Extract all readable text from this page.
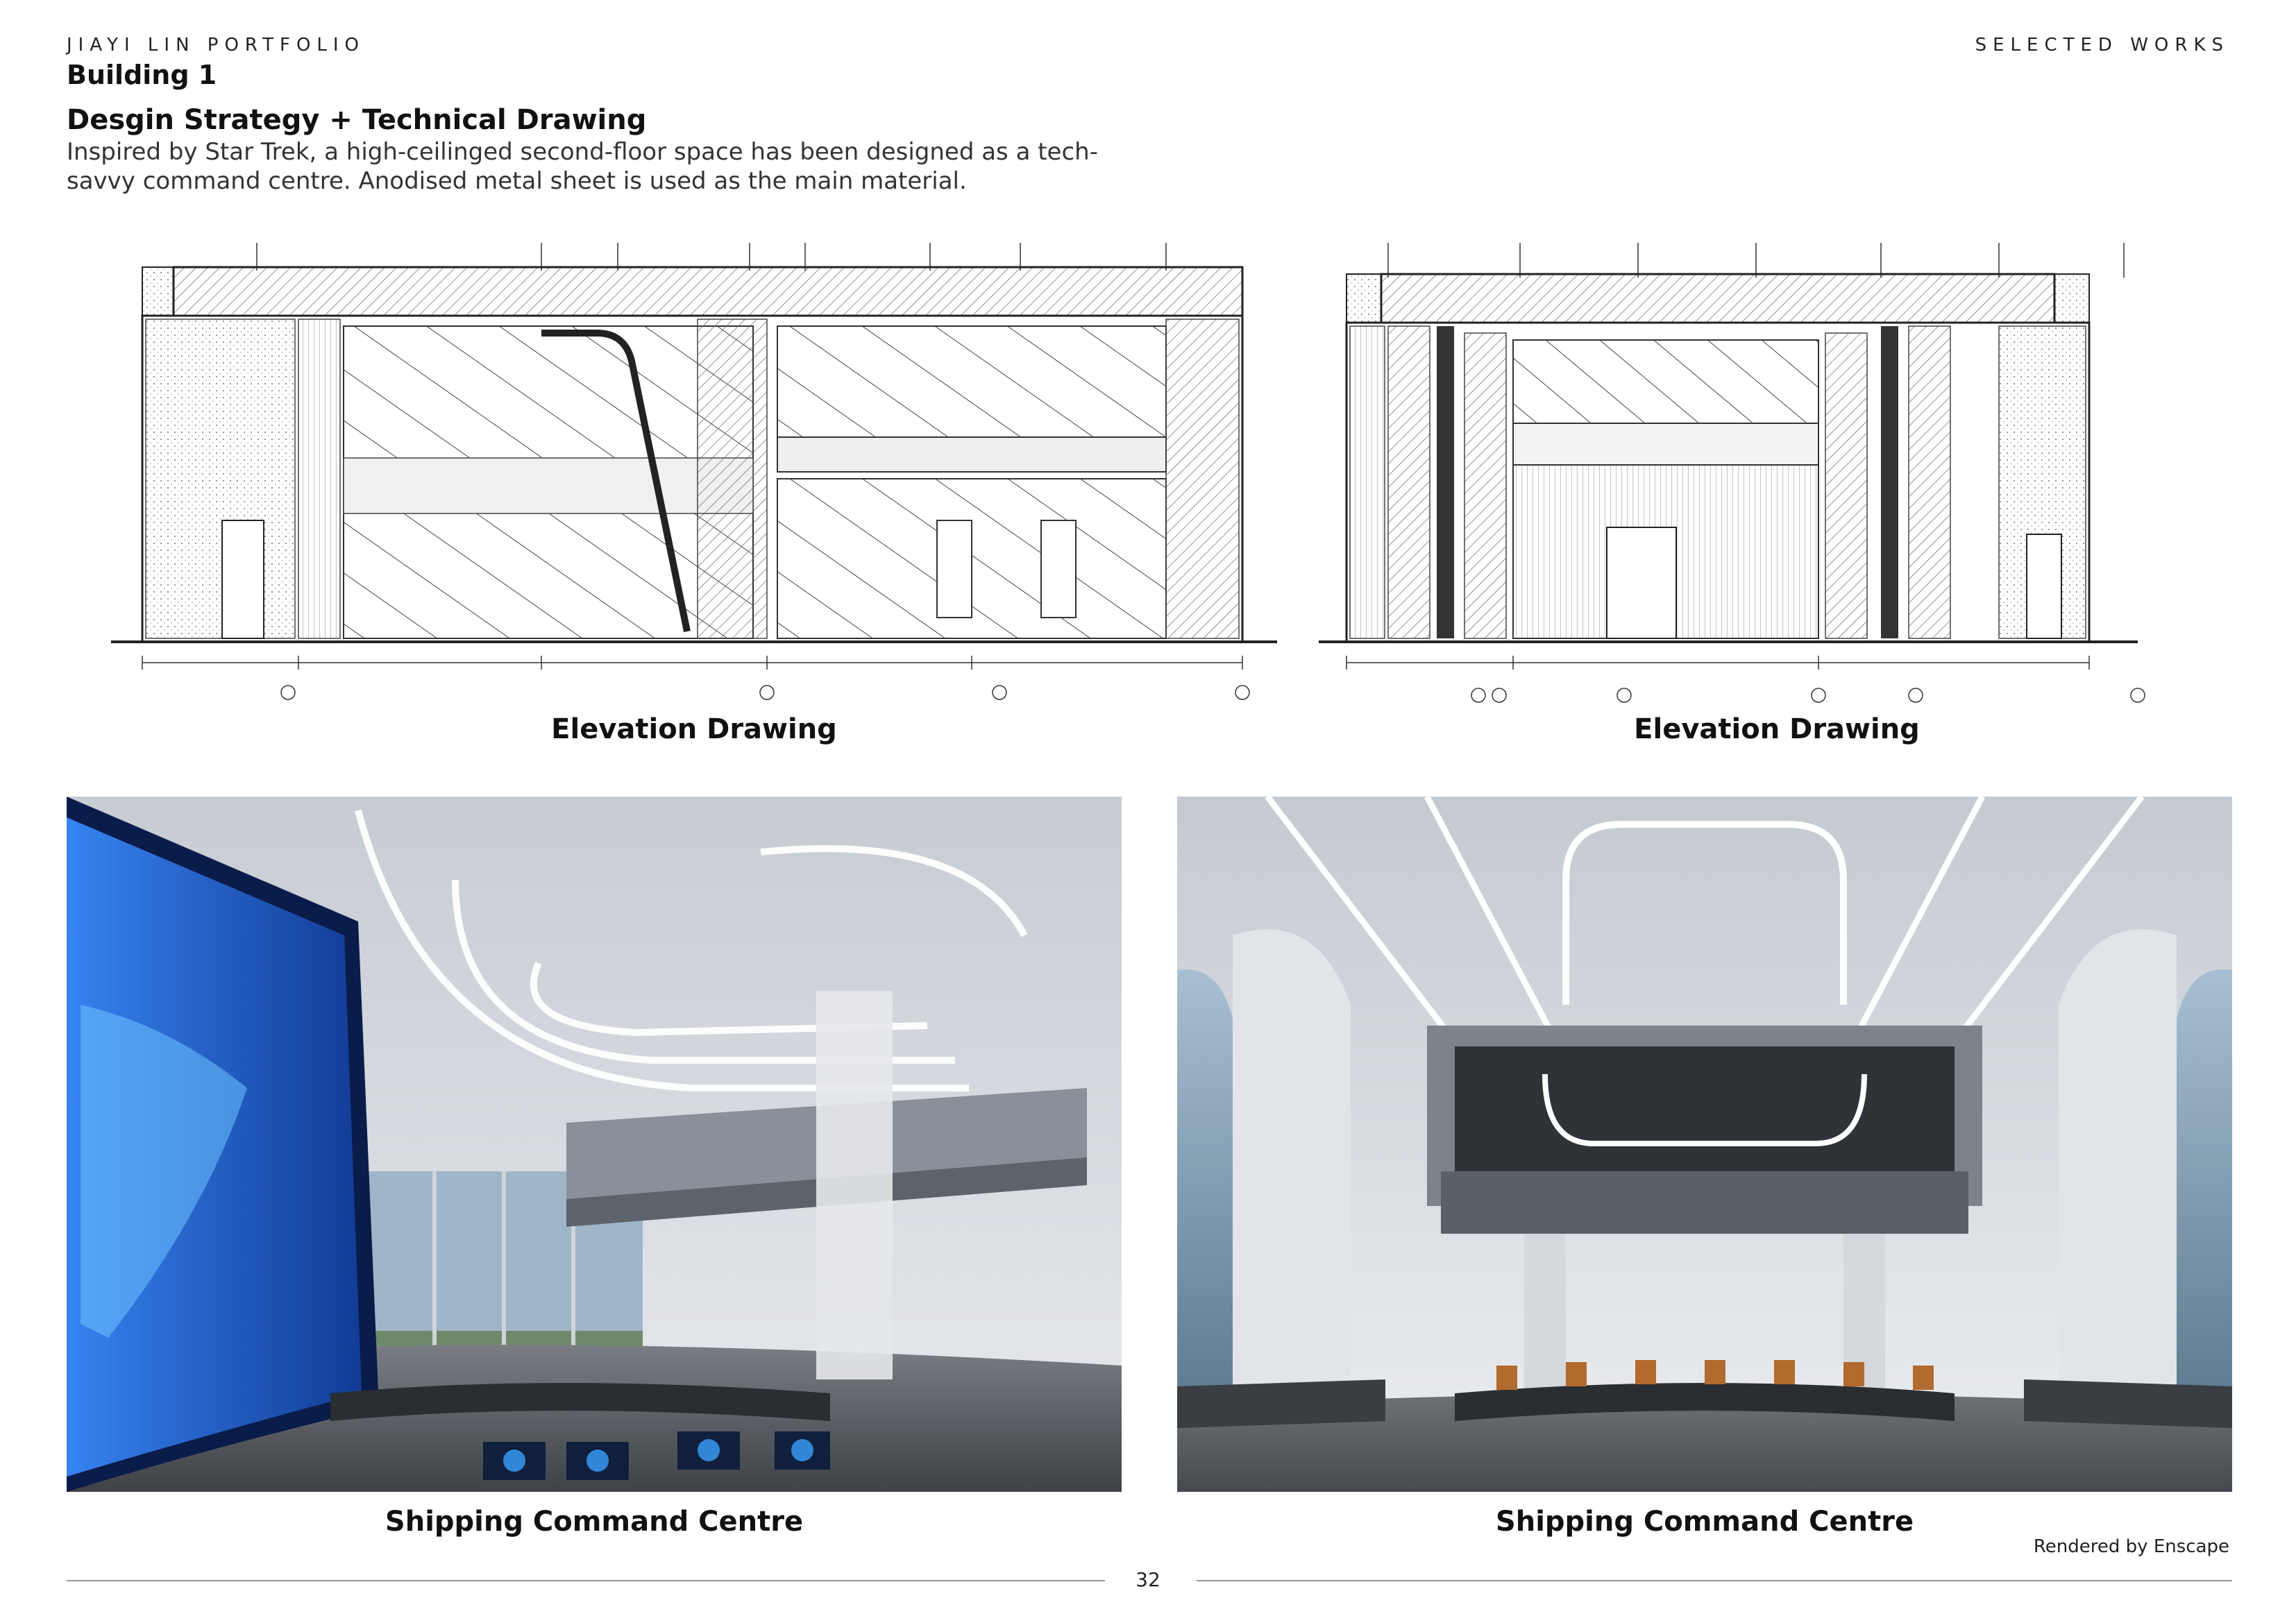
JIAYI LIN PORTFOLIO	SELECTED WORKS
Building 1
Desgin Strategy + Technical Drawing
Inspired by Star Trek, a high-ceilinged second-floor space has been designed as a tech-savvy command centre. Anodised metal sheet is used as the main material.
Elevation Drawing	Elevation Drawing
Shipping Command Centre	Shipping Command Centre
Rendered by Enscape
32
